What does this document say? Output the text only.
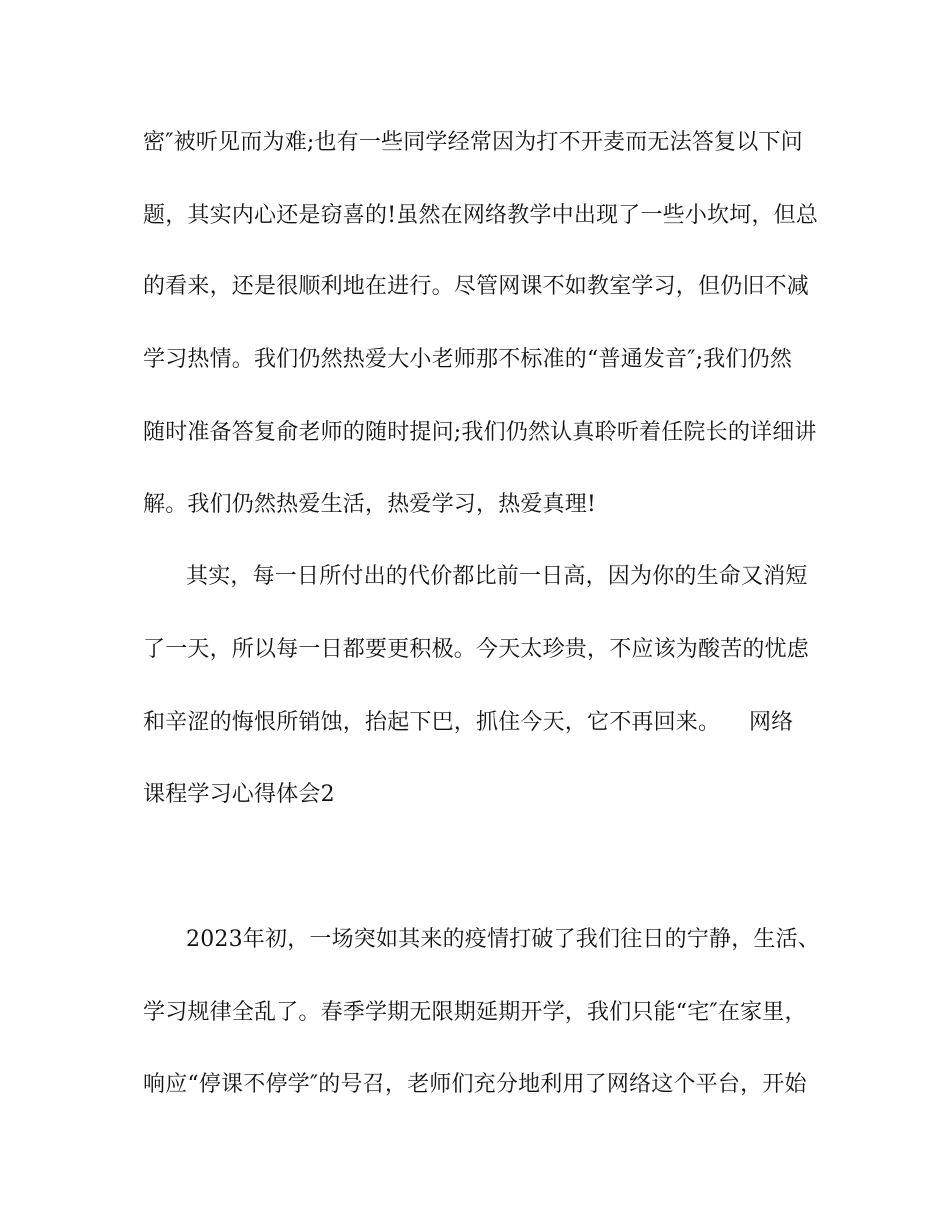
密″被听见而为难;也有一些同学经常因为打不开麦而无法答复以下问
题，其实内心还是窃喜的!虽然在网络教学中出现了一些小坎坷，但总
的看来，还是很顺利地在进行。尽管网课不如教室学习，但仍旧不减
学习热情。我们仍然热爱大小老师那不标准的“普通发音″;我们仍然
随时准备答复俞老师的随时提问;我们仍然认真聆听着任院长的详细讲
解。我们仍然热爱生活，热爱学习，热爱真理!
其实，每一日所付出的代价都比前一日高，因为你的生命又消短
了一天，所以每一日都要更积极。今天太珍贵，不应该为酸苦的忧虑
和辛涩的悔恨所销蚀，抬起下巴，抓住今天，它不再回来。    网络
课程学习心得体会2
2023年初，一场突如其来的疫情打破了我们往日的宁静，生活、
学习规律全乱了。春季学期无限期延期开学，我们只能“宅″在家里，
响应“停课不停学″的号召，老师们充分地利用了网络这个平台，开始
